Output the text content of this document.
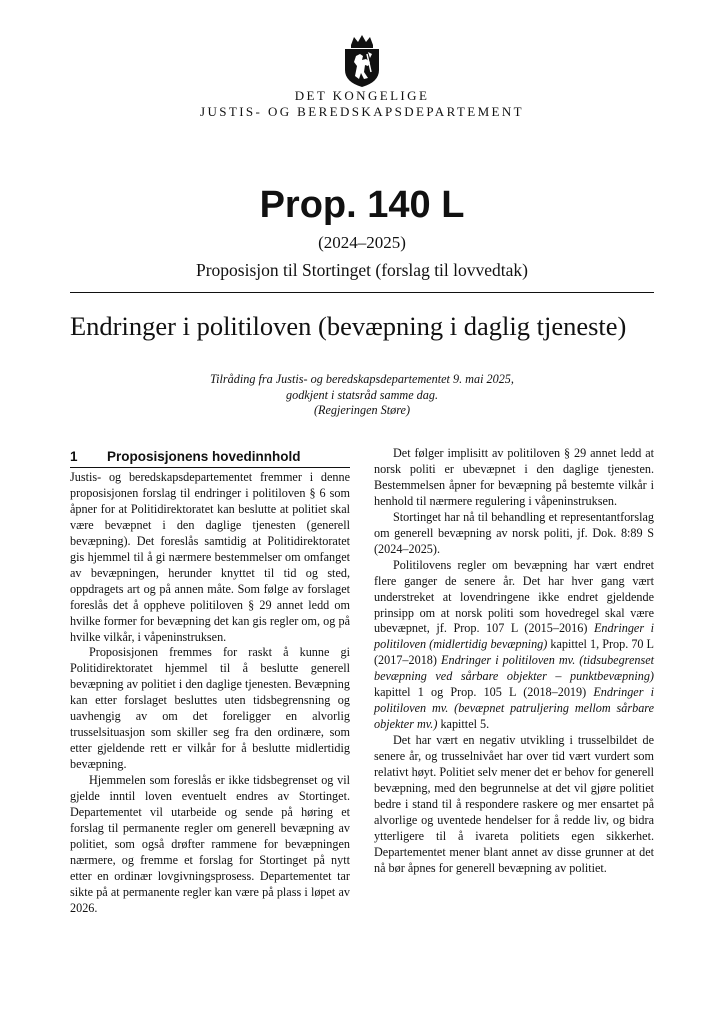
DET KONGELIGE
JUSTIS- OG BEREDSKAPSDEPARTEMENT
Prop. 140 L
(2024–2025)
Proposisjon til Stortinget (forslag til lovvedtak)
Endringer i politiloven (bevæpning i daglig tjeneste)
Tilråding fra Justis- og beredskapsdepartementet 9. mai 2025,
godkjent i statsråd samme dag.
(Regjeringen Støre)
1 Proposisjonens hovedinnhold

Justis- og beredskapsdepartementet fremmer i denne proposisjonen forslag til endringer i politiloven § 6 som åpner for at Politidirektoratet kan beslutte at politiet skal være bevæpnet i den daglige tjenesten (generell bevæpning). Det foreslås samtidig at Politidirektoratet gis hjemmel til å gi nærmere bestemmelser om omfanget av bevæpningen, herunder knyttet til tid og sted, oppdragets art og på annen måte. Som følge av forslaget foreslås det å oppheve politiloven § 29 annet ledd om hvilke former for bevæpning det kan gis regler om, og på hvilke vilkår, i våpeninstruksen.

Proposisjonen fremmes for raskt å kunne gi Politidirektoratet hjemmel til å beslutte generell bevæpning av politiet i den daglige tjenesten. Bevæpning kan etter forslaget besluttes uten tidsbegrensning og uavhengig av om det foreligger en alvorlig trusselsituasjon som skiller seg fra den ordinære, som etter gjeldende rett er vilkår for å beslutte midlertidig bevæpning.

Hjemmelen som foreslås er ikke tidsbegrenset og vil gjelde inntil loven eventuelt endres av Stortinget. Departementet vil utarbeide og sende på høring et forslag til permanente regler om generell bevæpning av politiet, som også drøfter rammene for bevæpningen nærmere, og fremme et forslag for Stortinget på nytt etter en ordinær lovgivningsprosess. Departementet tar sikte på at permanente regler kan være på plass i løpet av 2026.

Det følger implisitt av politiloven § 29 annet ledd at norsk politi er ubevæpnet i den daglige tjenesten. Bestemmelsen åpner for bevæpning på bestemte vilkår i henhold til nærmere regulering i våpeninstruksen.

Stortinget har nå til behandling et representantforslag om generell bevæpning av norsk politi, jf. Dok. 8:89 S (2024–2025).

Politilovens regler om bevæpning har vært endret flere ganger de senere år. Det har hver gang vært understreket at lovendringene ikke endret gjeldende prinsipp om at norsk politi som hovedregel skal være ubevæpnet, jf. Prop. 107 L (2015–2016) Endringer i politiloven (midlertidig bevæpning) kapittel 1, Prop. 70 L (2017–2018) Endringer i politiloven mv. (tidsubegrenset bevæpning ved sårbare objekter – punktbevæpning) kapittel 1 og Prop. 105 L (2018–2019) Endringer i politiloven mv. (bevæpnet patruljering mellom sårbare objekter mv.) kapittel 5.

Det har vært en negativ utvikling i trusselbildet de senere år, og trusselnivået har over tid vært vurdert som relativt høyt. Politiet selv mener det er behov for generell bevæpning, med den begrunnelse at det vil gjøre politiet bedre i stand til å respondere raskere og mer ensartet på alvorlige og uventede hendelser for å redde liv, og bidra ytterligere til å ivareta politiets egen sikkerhet. Departementet mener blant annet av disse grunner at det nå bør åpnes for generell bevæpning av politiet.
